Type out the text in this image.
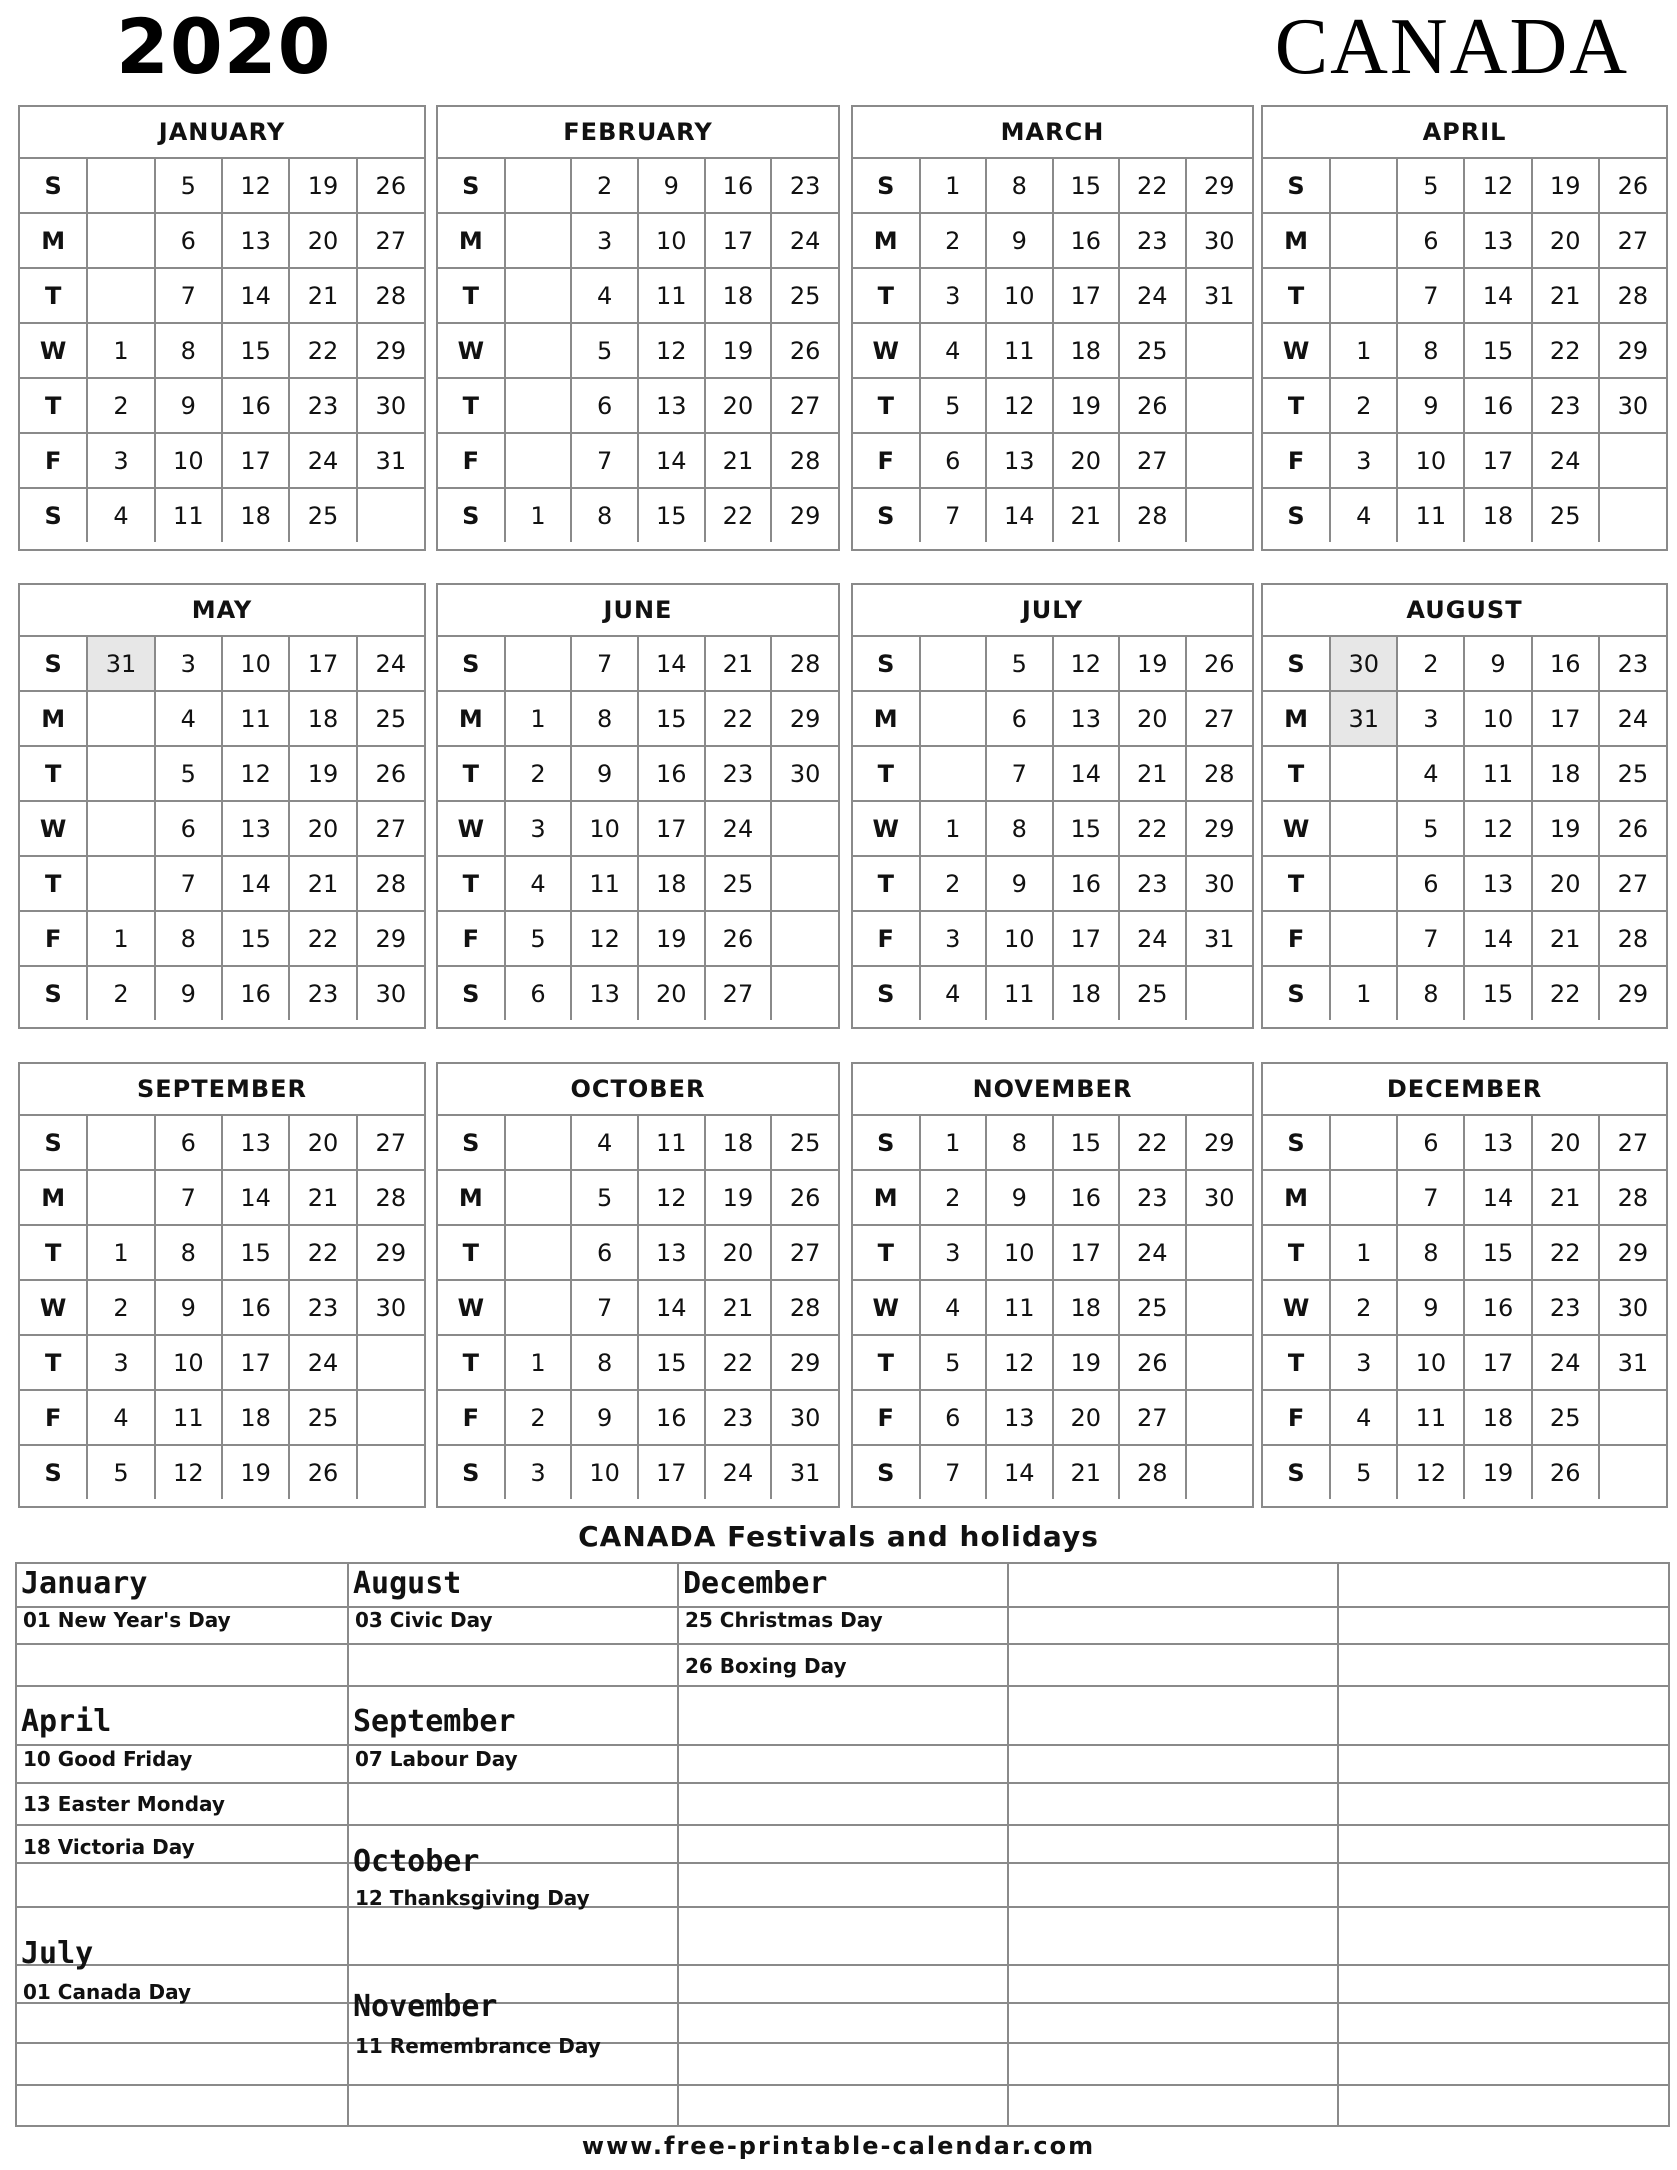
2020	CANADA
JANUARY
S		5	12	19	26
M		6	13	20	27
T		7	14	21	28
W	1	8	15	22	29
T	2	9	16	23	30
F	3	10	17	24	31
S	4	11	18	25	
FEBRUARY
S		2	9	16	23
M		3	10	17	24
T		4	11	18	25
W		5	12	19	26
T		6	13	20	27
F		7	14	21	28
S	1	8	15	22	29
MARCH
S	1	8	15	22	29
M	2	9	16	23	30
T	3	10	17	24	31
W	4	11	18	25	
T	5	12	19	26	
F	6	13	20	27	
S	7	14	21	28	
APRIL
S		5	12	19	26
M		6	13	20	27
T		7	14	21	28
W	1	8	15	22	29
T	2	9	16	23	30
F	3	10	17	24	
S	4	11	18	25	
MAY
S	31	3	10	17	24
M		4	11	18	25
T		5	12	19	26
W		6	13	20	27
T		7	14	21	28
F	1	8	15	22	29
S	2	9	16	23	30
JUNE
S		7	14	21	28
M	1	8	15	22	29
T	2	9	16	23	30
W	3	10	17	24	
T	4	11	18	25	
F	5	12	19	26	
S	6	13	20	27	
JULY
S		5	12	19	26
M		6	13	20	27
T		7	14	21	28
W	1	8	15	22	29
T	2	9	16	23	30
F	3	10	17	24	31
S	4	11	18	25	
AUGUST
S	30	2	9	16	23
M	31	3	10	17	24
T		4	11	18	25
W		5	12	19	26
T		6	13	20	27
F		7	14	21	28
S	1	8	15	22	29
SEPTEMBER
S		6	13	20	27
M		7	14	21	28
T	1	8	15	22	29
W	2	9	16	23	30
T	3	10	17	24	
F	4	11	18	25	
S	5	12	19	26	
OCTOBER
S		4	11	18	25
M		5	12	19	26
T		6	13	20	27
W		7	14	21	28
T	1	8	15	22	29
F	2	9	16	23	30
S	3	10	17	24	31
NOVEMBER
S	1	8	15	22	29
M	2	9	16	23	30
T	3	10	17	24	
W	4	11	18	25	
T	5	12	19	26	
F	6	13	20	27	
S	7	14	21	28	
DECEMBER
S		6	13	20	27
M		7	14	21	28
T	1	8	15	22	29
W	2	9	16	23	30
T	3	10	17	24	31
F	4	11	18	25	
S	5	12	19	26	
CANADA Festivals and holidays
January
01 New Year's Day
April
10 Good Friday
13 Easter Monday
18 Victoria Day
July
01 Canada Day
August
03 Civic Day
September
07 Labour Day
October
12 Thanksgiving Day
November
11 Remembrance Day
December
25 Christmas Day
26 Boxing Day
www.free-printable-calendar.com
